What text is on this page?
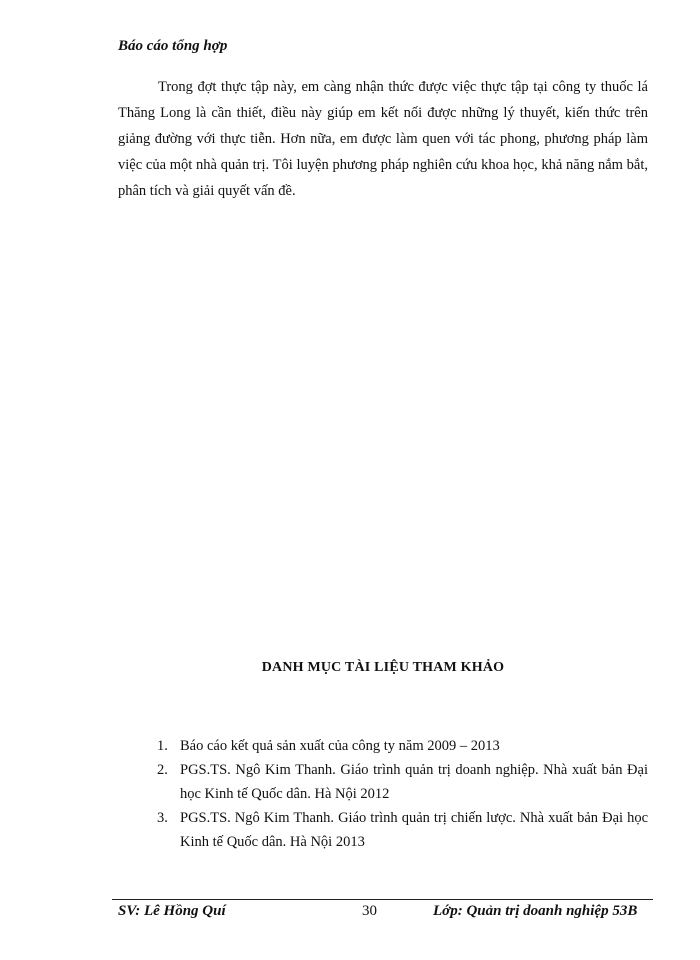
Báo cáo tổng hợp

Trong đợt thực tập này, em càng nhận thức được việc thực tập tại công ty thuốc lá Thăng Long là cần thiết, điều này giúp em kết nối được những lý thuyết, kiến thức trên giảng đường với thực tiễn. Hơn nữa, em được làm quen với tác phong, phương pháp làm việc của một nhà quản trị. Tôi luyện phương pháp nghiên cứu khoa học, khả năng nắm bắt, phân tích và giải quyết vấn đề.

DANH MỤC TÀI LIỆU THAM KHẢO
1. Báo cáo kết quả sản xuất của công ty năm 2009 – 2013
2. PGS.TS. Ngô Kim Thanh. Giáo trình quản trị doanh nghiệp. Nhà xuất bản Đại học Kinh tế Quốc dân. Hà Nội 2012
3. PGS.TS. Ngô Kim Thanh. Giáo trình quản trị chiến lược. Nhà xuất bản Đại học Kinh tế Quốc dân. Hà Nội 2013
SV: Lê Hồng Quí	30	Lớp: Quản trị doanh nghiệp 53B
